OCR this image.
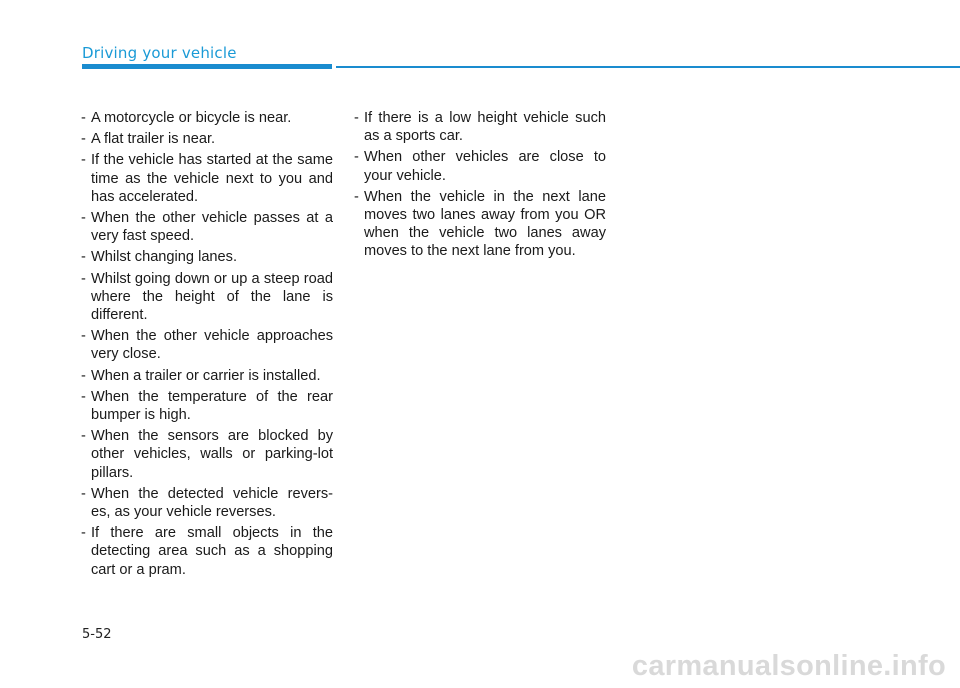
Driving your vehicle
- A motorcycle or bicycle is near.
- A flat trailer is near.
- If the vehicle has started at the same time as the vehicle next to you and has accelerated.
- When the other vehicle passes at a very fast speed.
- Whilst changing lanes.
- Whilst going down or up a steep road where the height of the lane is different.
- When the other vehicle approaches very close.
- When a trailer or carrier is installed.
- When the temperature of the rear bumper is high.
- When the sensors are blocked by other vehicles, walls or parking-lot pillars.
- When the detected vehicle revers- es, as your vehicle reverses.
- If there are small objects in the detecting area such as a shopping cart or a pram.
- If there is a low height vehicle such as a sports car.
- When other vehicles are close to your vehicle.
- When the vehicle in the next lane moves two lanes away from you OR when the vehicle two lanes away moves to the next lane from you.
5-52
carmanualsonline.info
